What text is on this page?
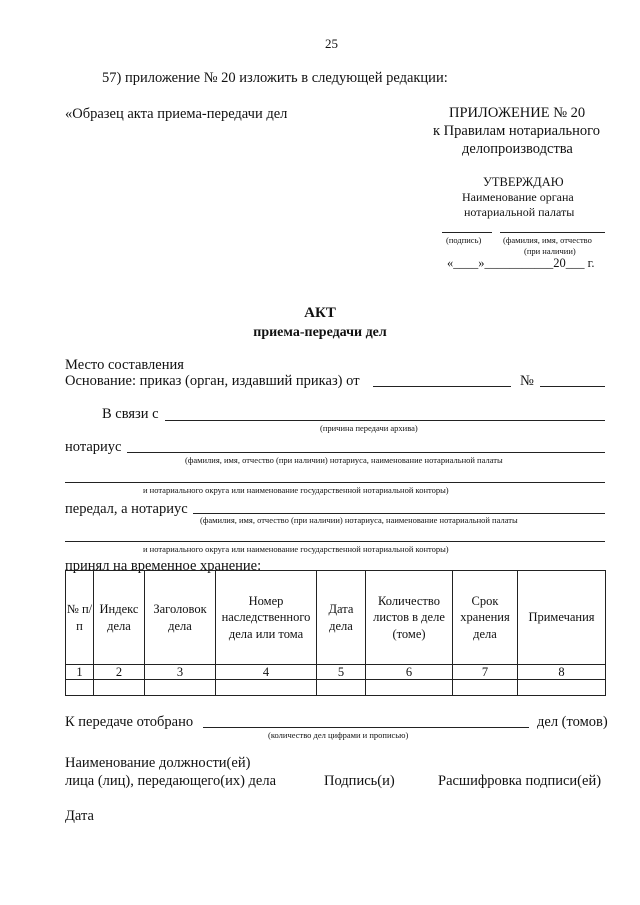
25
57) приложение № 20 изложить в следующей редакции:
«Образец акта приема-передачи дел	ПРИЛОЖЕНИЕ № 20
к Правилам нотариального
делопроизводства
УТВЕРЖДАЮ
Наименование органа
нотариальной палаты
(подпись)	(фамилия, имя, отчество
(при наличии)
«____»___________20___ г.
АКТ
приема-передачи дел
Место составления
Основание: приказ (орган, издавший приказ) от	№
В связи с
(причина передачи архива)
нотариус
(фамилия, имя, отчество (при наличии) нотариуса, наименование нотариальной палаты
и нотариального округа или наименование государственной нотариальной конторы)
передал, а нотариус
(фамилия, имя, отчество (при наличии) нотариуса, наименование нотариальной палаты
и нотариального округа или наименование государственной нотариальной конторы)
принял на временное хранение:
№ п/п	Индекс дела	Заголовок дела	Номер наследственного дела или тома	Дата дела	Количество листов в деле (томе)	Срок хранения дела	Примечания
1	2	3	4	5	6	7	8

К передаче отобрано	дел (томов)
(количество дел цифрами и прописью)
Наименование должности(ей)
лица (лиц), передающего(их) дела	Подпись(и)	Расшифровка подписи(ей)
Дата
